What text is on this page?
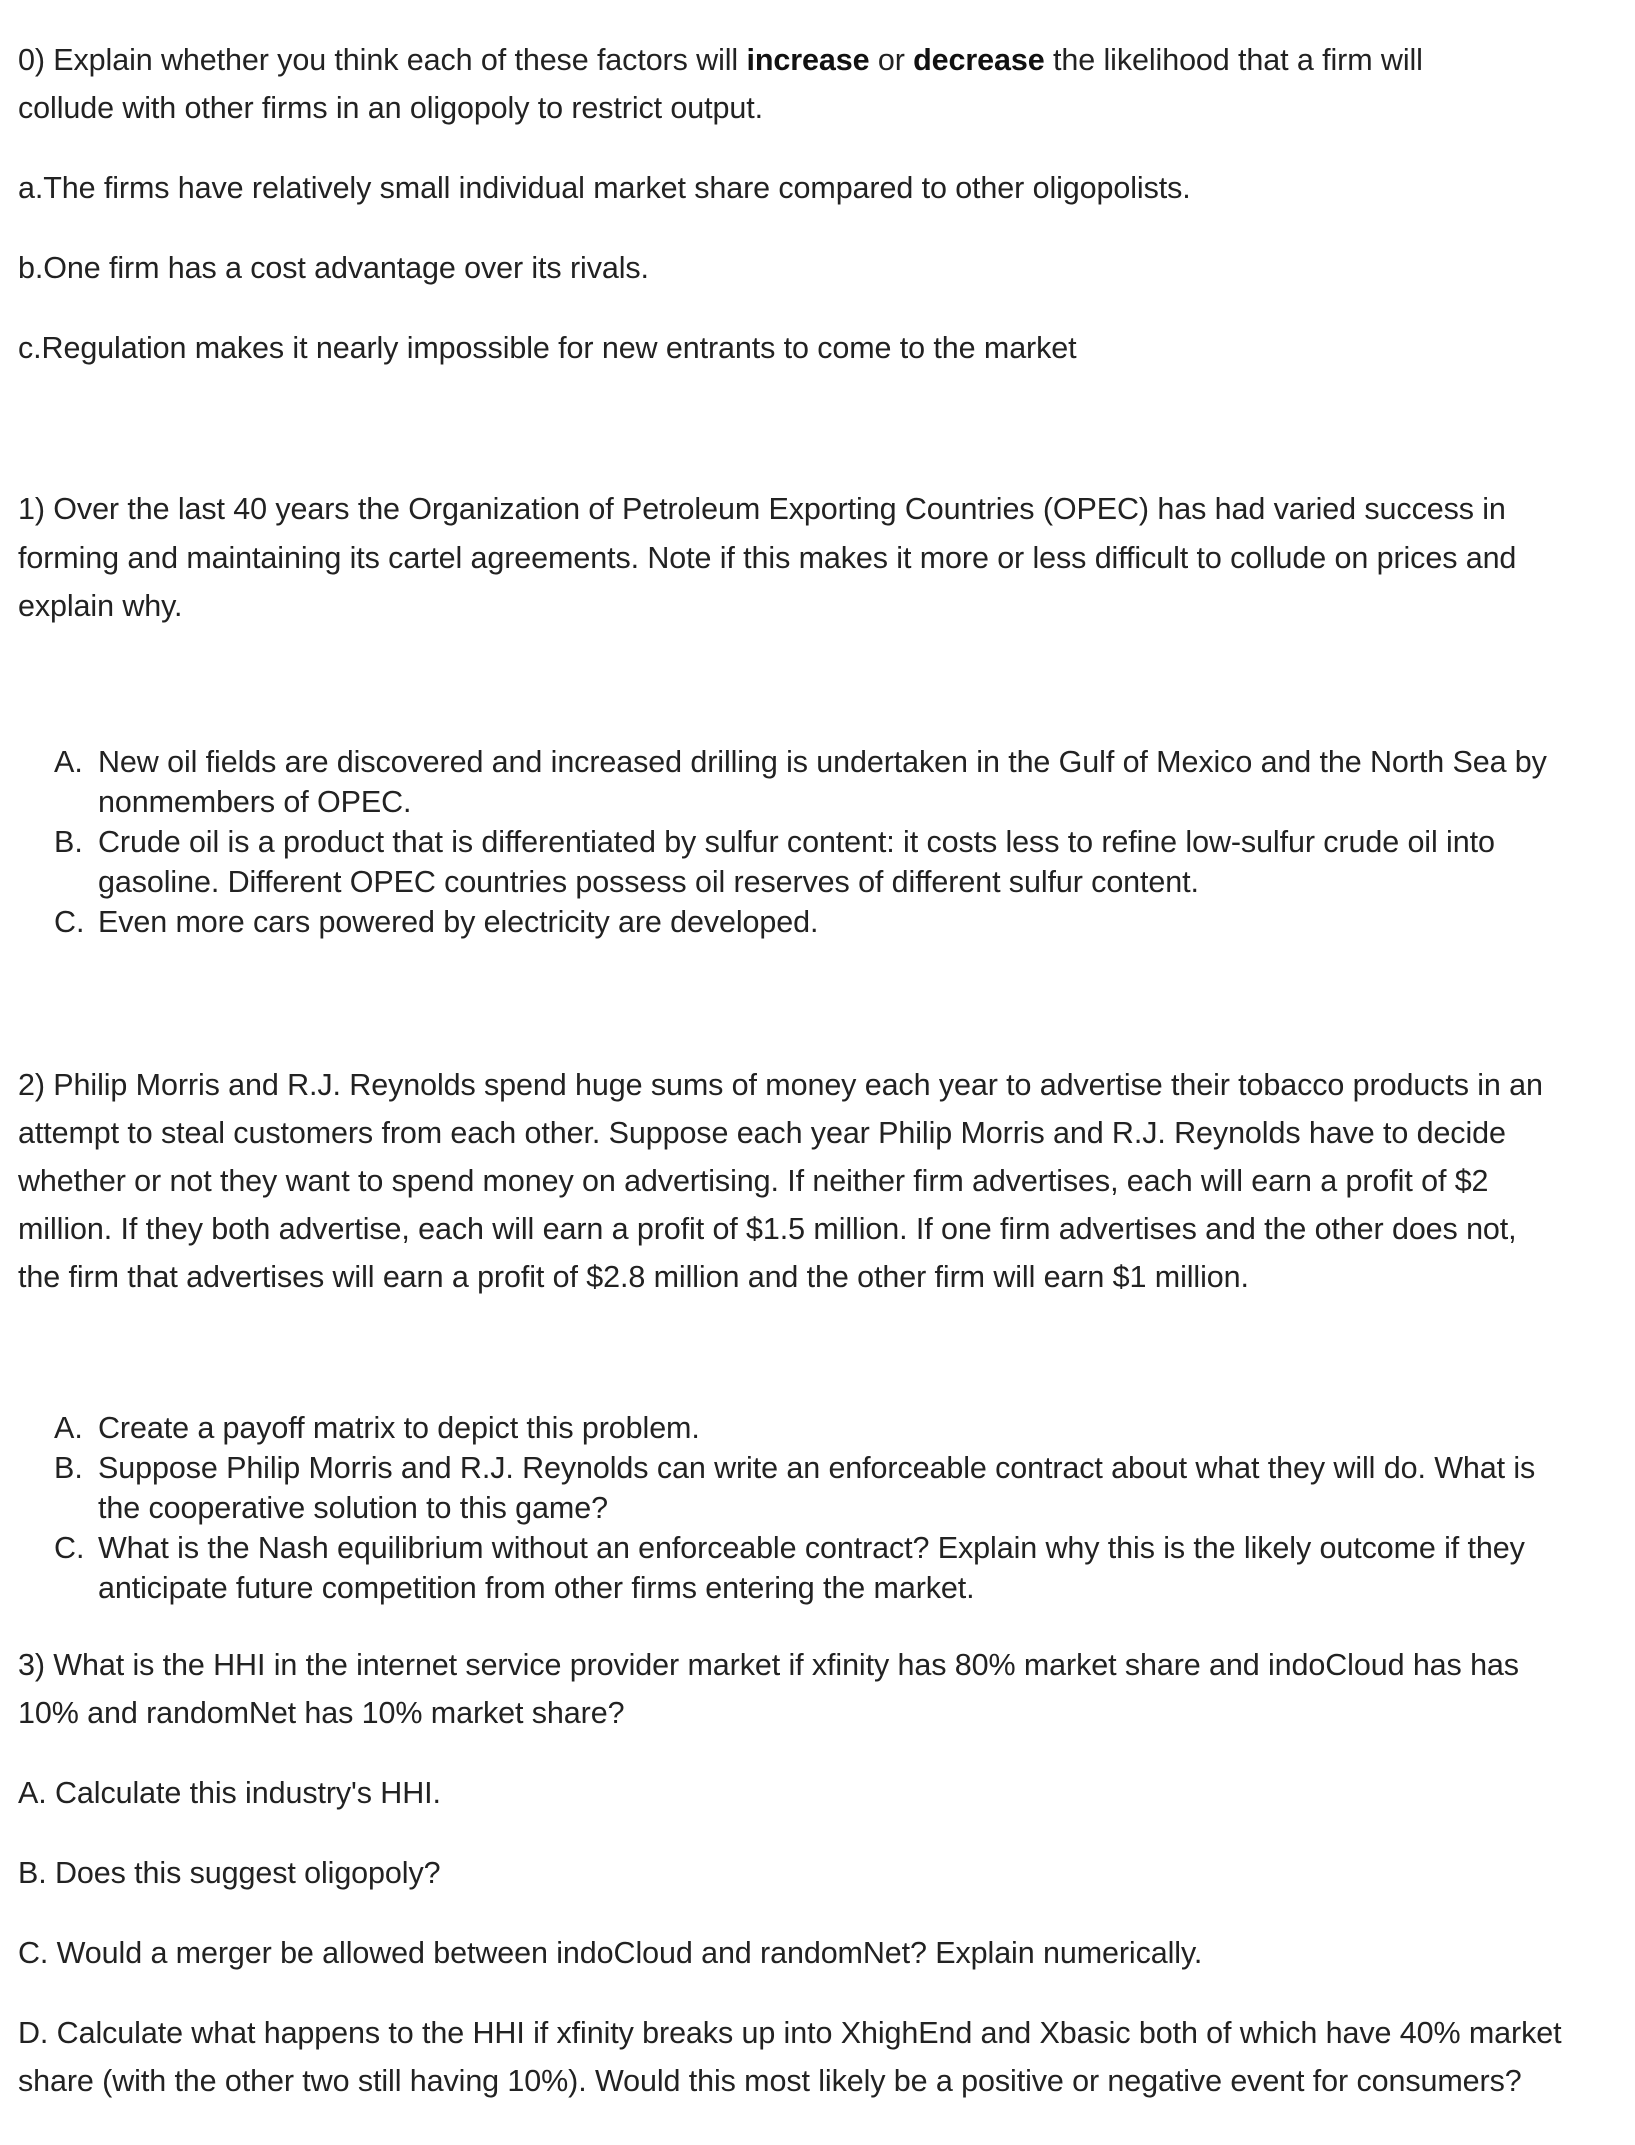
0) Explain whether you think each of these factors will increase or decrease the likelihood that a firm will
collude with other firms in an oligopoly to restrict output.
a.The firms have relatively small individual market share compared to other oligopolists.
b.One firm has a cost advantage over its rivals.
c.Regulation makes it nearly impossible for new entrants to come to the market
1) Over the last 40 years the Organization of Petroleum Exporting Countries (OPEC) has had varied success in
forming and maintaining its cartel agreements. Note if this makes it more or less difficult to collude on prices and
explain why.
A. New oil fields are discovered and increased drilling is undertaken in the Gulf of Mexico and the North Sea by
nonmembers of OPEC.
B. Crude oil is a product that is differentiated by sulfur content: it costs less to refine low-sulfur crude oil into
gasoline. Different OPEC countries possess oil reserves of different sulfur content.
C. Even more cars powered by electricity are developed.
2) Philip Morris and R.J. Reynolds spend huge sums of money each year to advertise their tobacco products in an
attempt to steal customers from each other. Suppose each year Philip Morris and R.J. Reynolds have to decide
whether or not they want to spend money on advertising. If neither firm advertises, each will earn a profit of $2
million. If they both advertise, each will earn a profit of $1.5 million. If one firm advertises and the other does not,
the firm that advertises will earn a profit of $2.8 million and the other firm will earn $1 million.
A. Create a payoff matrix to depict this problem.
B. Suppose Philip Morris and R.J. Reynolds can write an enforceable contract about what they will do. What is
the cooperative solution to this game?
C. What is the Nash equilibrium without an enforceable contract? Explain why this is the likely outcome if they
anticipate future competition from other firms entering the market.
3) What is the HHI in the internet service provider market if xfinity has 80% market share and indoCloud has has
10% and randomNet has 10% market share?
A. Calculate this industry's HHI.
B. Does this suggest oligopoly?
C. Would a merger be allowed between indoCloud and randomNet? Explain numerically.
D. Calculate what happens to the HHI if xfinity breaks up into XhighEnd and Xbasic both of which have 40% market
share (with the other two still having 10%). Would this most likely be a positive or negative event for consumers?
